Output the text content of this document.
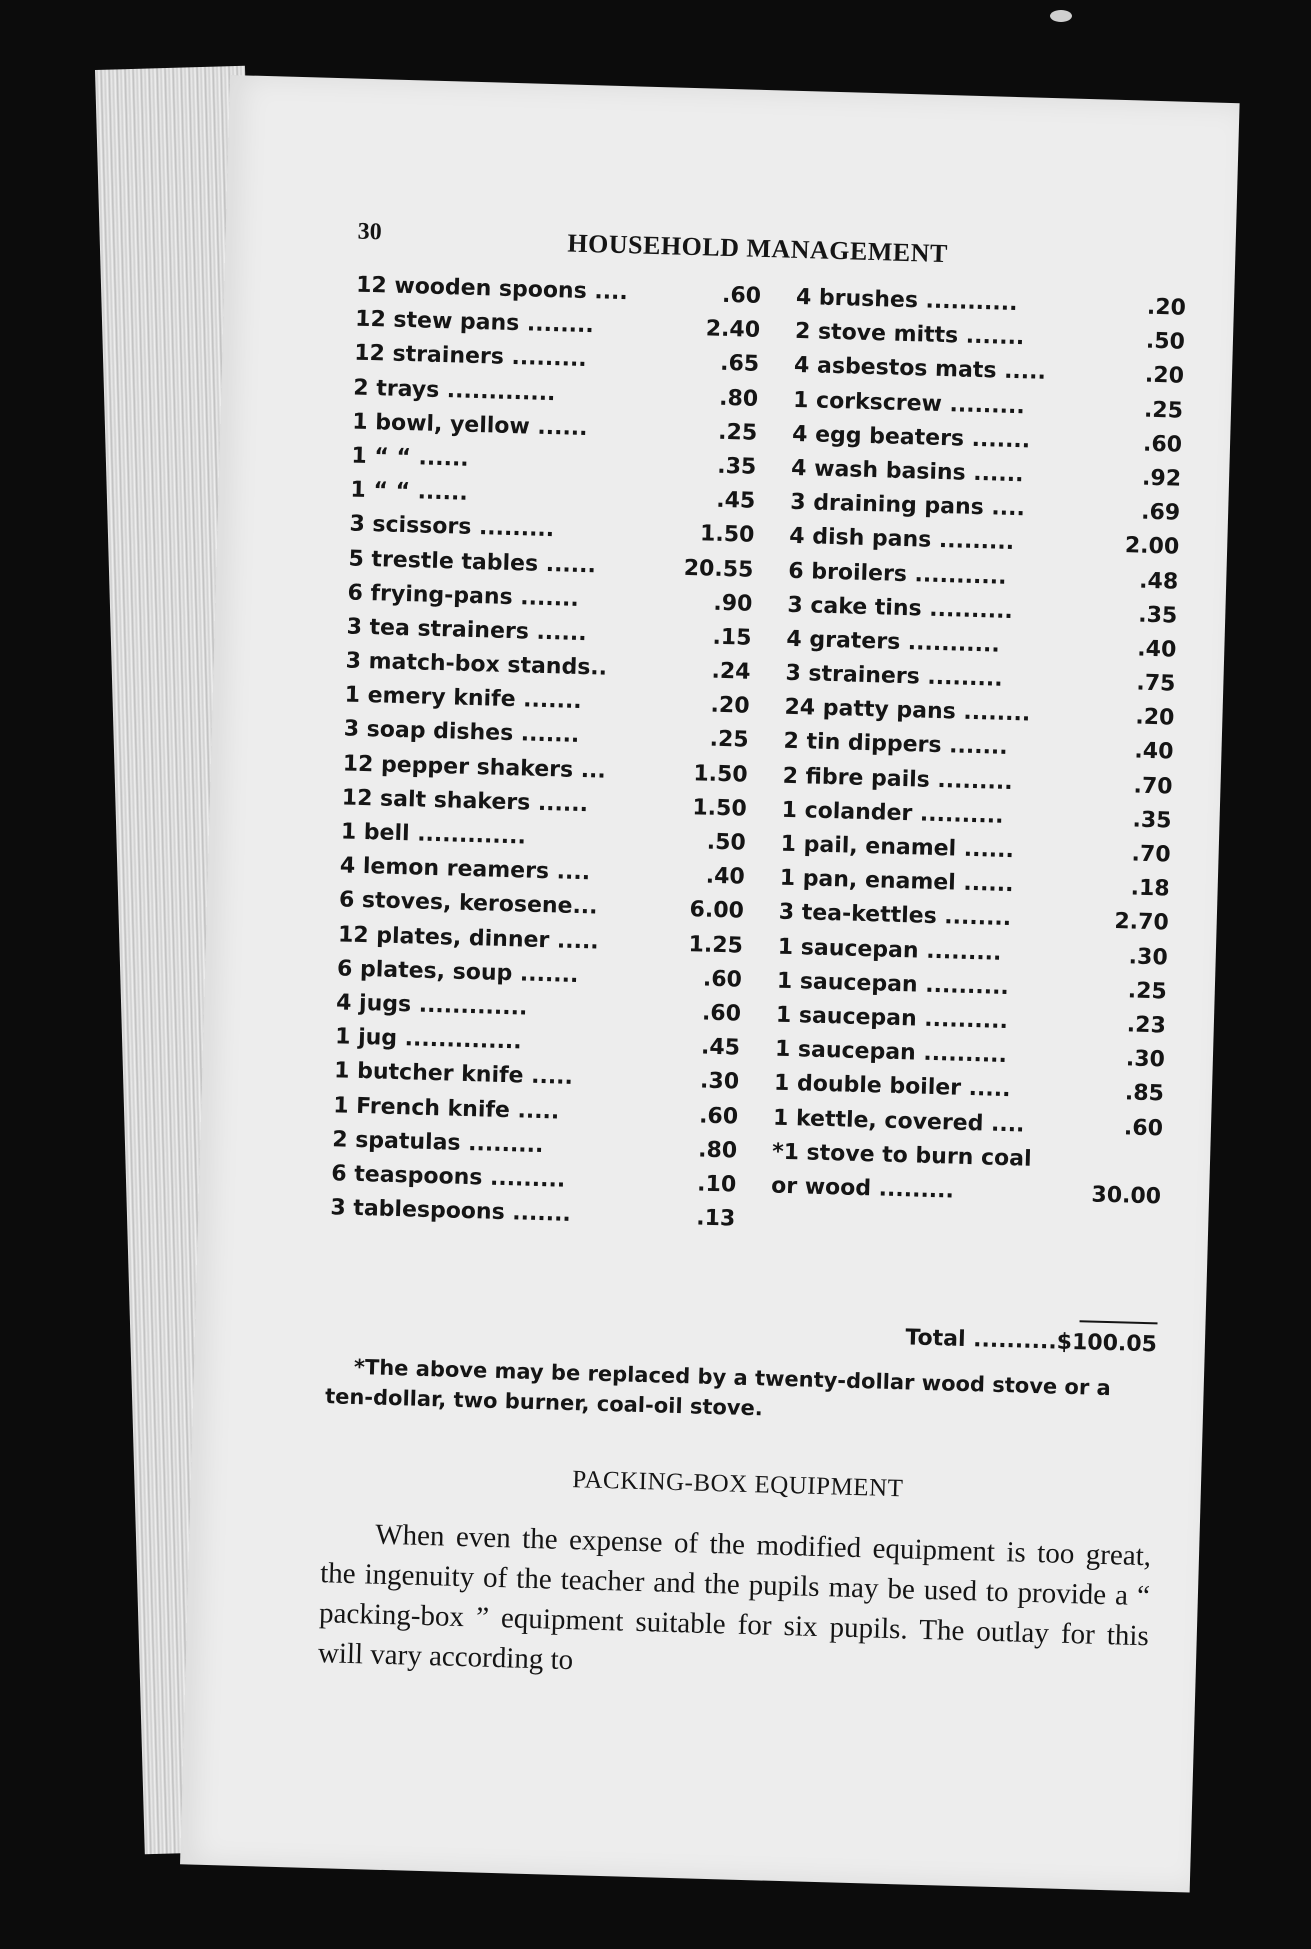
30	HOUSEHOLD MANAGEMENT
12 wooden spoons ....	.60
12 stew pans ........	2.40
12 strainers .........	.65
2 trays .............	.80
1 bowl, yellow ......	.25
1 “ “ ......	.35
1 “ “ ......	.45
3 scissors .........	1.50
5 trestle tables ......	20.55
6 frying-pans .......	.90
3 tea strainers ......	.15
3 match-box stands..	.24
1 emery knife .......	.20
3 soap dishes .......	.25
12 pepper shakers ...	1.50
12 salt shakers ......	1.50
1 bell .............	.50
4 lemon reamers ....	.40
6 stoves, kerosene...	6.00
12 plates, dinner .....	1.25
6 plates, soup .......	.60
4 jugs .............	.60
1 jug ..............	.45
1 butcher knife .....	.30
1 French knife .....	.60
2 spatulas .........	.80
6 teaspoons .........	.10
3 tablespoons .......	.13
4 brushes ...........	.20
2 stove mitts .......	.50
4 asbestos mats .....	.20
1 corkscrew .........	.25
4 egg beaters .......	.60
4 wash basins ......	.92
3 draining pans ....	.69
4 dish pans .........	2.00
6 broilers ...........	.48
3 cake tins ..........	.35
4 graters ...........	.40
3 strainers .........	.75
24 patty pans ........	.20
2 tin dippers .......	.40
2 fibre pails .........	.70
1 colander ..........	.35
1 pail, enamel ......	.70
1 pan, enamel ......	.18
3 tea-kettles ........	2.70
1 saucepan .........	.30
1 saucepan ..........	.25
1 saucepan ..........	.23
1 saucepan ..........	.30
1 double boiler .....	.85
1 kettle, covered ....	.60
*1 stove to burn coal
or wood .........	30.00
Total ..........$100.05

*The above may be replaced by a twenty-dollar wood stove or a ten-dollar, two burner, coal-oil stove.

PACKING-BOX EQUIPMENT

When even the expense of the modified equipment is too great, the ingenuity of the teacher and the pupils may be used to provide a “ packing-box ” equipment suitable for six pupils. The outlay for this will vary according to
